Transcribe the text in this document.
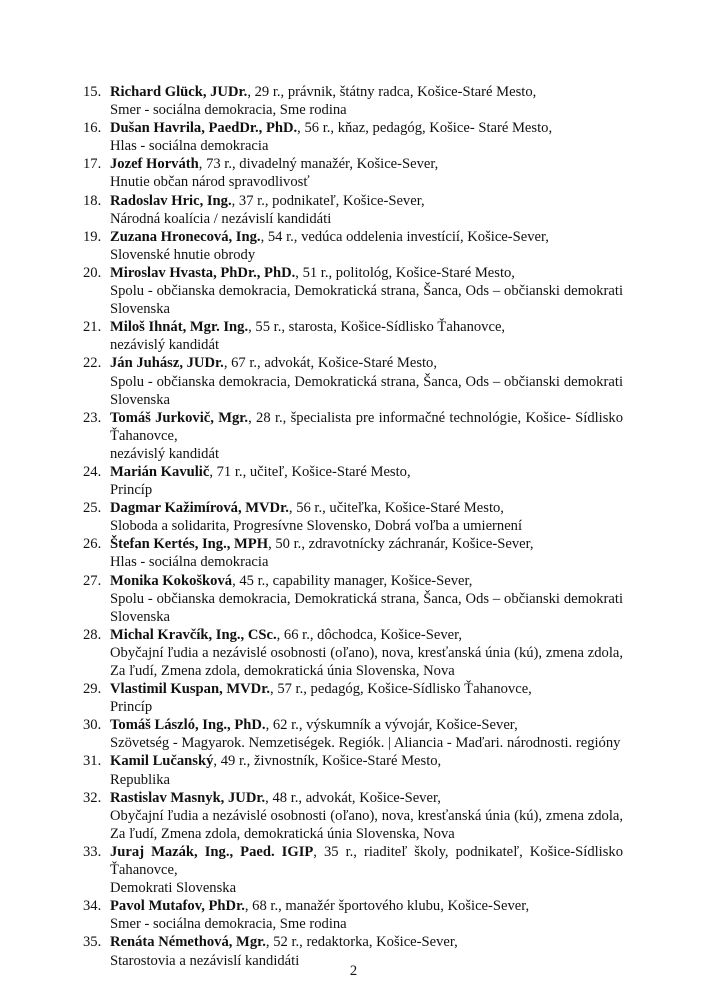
15. Richard Glück, JUDr., 29 r., právnik, štátny radca, Košice-Staré Mesto,
Smer - sociálna demokracia, Sme rodina
16. Dušan Havrila, PaedDr., PhD., 56 r., kňaz, pedagóg, Košice- Staré Mesto,
Hlas - sociálna demokracia
17. Jozef Horváth, 73 r., divadelný manažér, Košice-Sever,
Hnutie občan národ spravodlivosť
18. Radoslav Hric, Ing., 37 r., podnikateľ, Košice-Sever,
Národná koalícia / nezávislí kandidáti
19. Zuzana Hronecová, Ing., 54 r., vedúca oddelenia investícií, Košice-Sever,
Slovenské hnutie obrody
20. Miroslav Hvasta, PhDr., PhD., 51 r., politológ, Košice-Staré Mesto,
Spolu - občianska demokracia, Demokratická strana, Šanca, Ods – občianski demokrati
Slovenska
21. Miloš Ihnát, Mgr. Ing., 55 r., starosta, Košice-Sídlisko Ťahanovce,
nezávislý kandidát
22. Ján Juhász, JUDr., 67 r., advokát, Košice-Staré Mesto,
Spolu - občianska demokracia, Demokratická strana, Šanca, Ods – občianski demokrati
Slovenska
23. Tomáš Jurkovič, Mgr., 28 r., špecialista pre informačné technológie, Košice- Sídlisko
Ťahanovce,
nezávislý kandidát
24. Marián Kavulič, 71 r., učiteľ, Košice-Staré Mesto,
Princíp
25. Dagmar Kažimírová, MVDr., 56 r., učiteľka, Košice-Staré Mesto,
Sloboda a solidarita, Progresívne Slovensko, Dobrá voľba a umiernení
26. Štefan Kertés, Ing., MPH, 50 r., zdravotnícky záchranár, Košice-Sever,
Hlas - sociálna demokracia
27. Monika Kokošková, 45 r., capability manager, Košice-Sever,
Spolu - občianska demokracia, Demokratická strana, Šanca, Ods – občianski demokrati
Slovenska
28. Michal Kravčík, Ing., CSc., 66 r., dôchodca, Košice-Sever,
Obyčajní ľudia a nezávislé osobnosti (oľano), nova, kresťanská únia (kú), zmena zdola,
Za ľudí, Zmena zdola, demokratická únia Slovenska, Nova
29. Vlastimil Kuspan, MVDr., 57 r., pedagóg, Košice-Sídlisko Ťahanovce,
Princíp
30. Tomáš László, Ing., PhD., 62 r., výskumník a vývojár, Košice-Sever,
Szövetség - Magyarok. Nemzetiségek. Regiók. | Aliancia - Maďari. národnosti. regióny
31. Kamil Lučanský, 49 r., živnostník, Košice-Staré Mesto,
Republika
32. Rastislav Masnyk, JUDr., 48 r., advokát, Košice-Sever,
Obyčajní ľudia a nezávislé osobnosti (oľano), nova, kresťanská únia (kú), zmena zdola,
Za ľudí, Zmena zdola, demokratická únia Slovenska, Nova
33. Juraj Mazák, Ing., Paed. IGIP, 35 r., riaditeľ školy, podnikateľ, Košice-Sídlisko
Ťahanovce,
Demokrati Slovenska
34. Pavol Mutafov, PhDr., 68 r., manažér športového klubu, Košice-Sever,
Smer - sociálna demokracia, Sme rodina
35. Renáta Némethová, Mgr., 52 r., redaktorka, Košice-Sever,
Starostovia a nezávislí kandidáti
2
